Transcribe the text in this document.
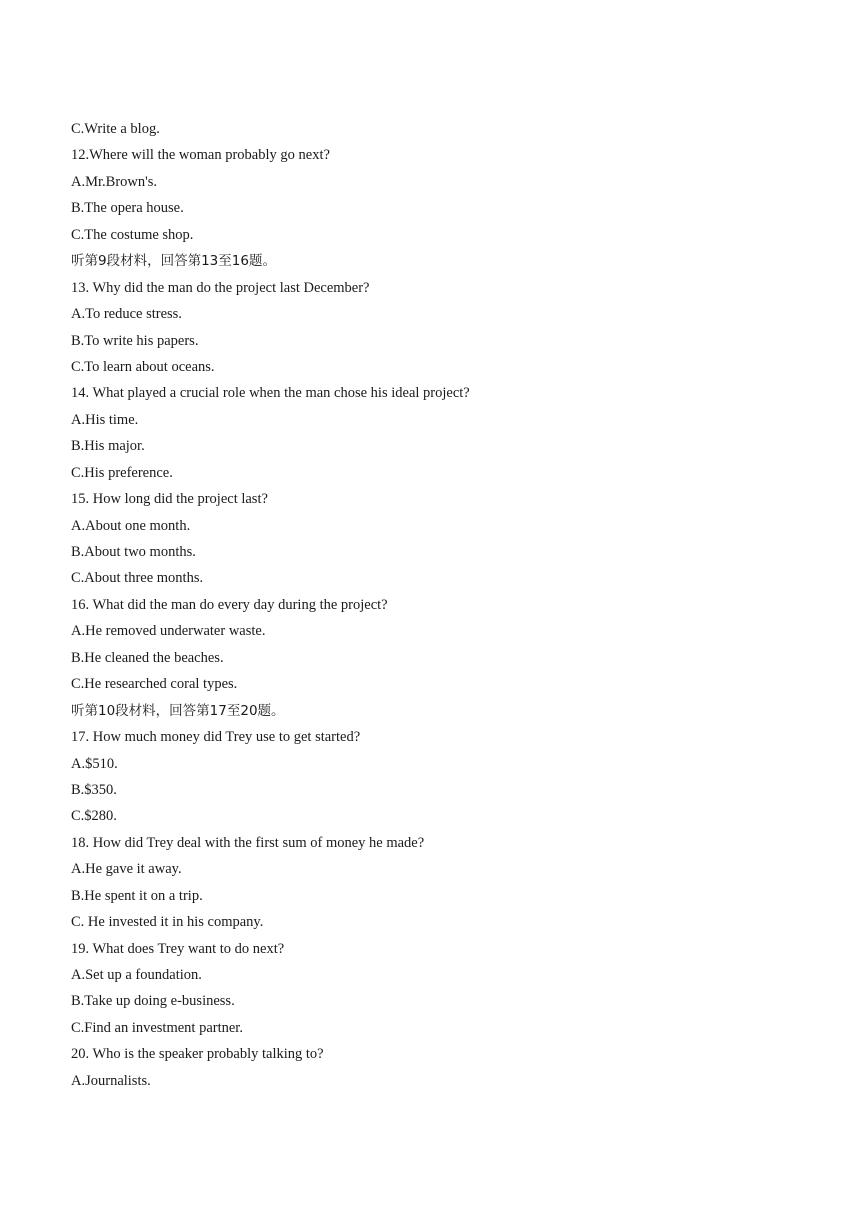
C.Write a blog.
12.Where will the woman probably go next?
A.Mr.Brown's.
B.The opera house.
C.The costume shop.
听第9段材料，回答第13至16题。
13. Why did the man do the project last December?
A.To reduce stress.
B.To write his papers.
C.To learn about oceans.
14. What played a crucial role when the man chose his ideal project?
A.His time.
B.His major.
C.His preference.
15. How long did the project last?
A.About one month.
B.About two months.
C.About three months.
16. What did the man do every day during the project?
A.He removed underwater waste.
B.He cleaned the beaches.
C.He researched coral types.
听第10段材料，回答第17至20题。
17. How much money did Trey use to get started?
A.$510.
B.$350.
C.$280.
18. How did Trey deal with the first sum of money he made?
A.He gave it away.
B.He spent it on a trip.
C. He invested it in his company.
19. What does Trey want to do next?
A.Set up a foundation.
B.Take up doing e-business.
C.Find an investment partner.
20. Who is the speaker probably talking to?
A.Journalists.
